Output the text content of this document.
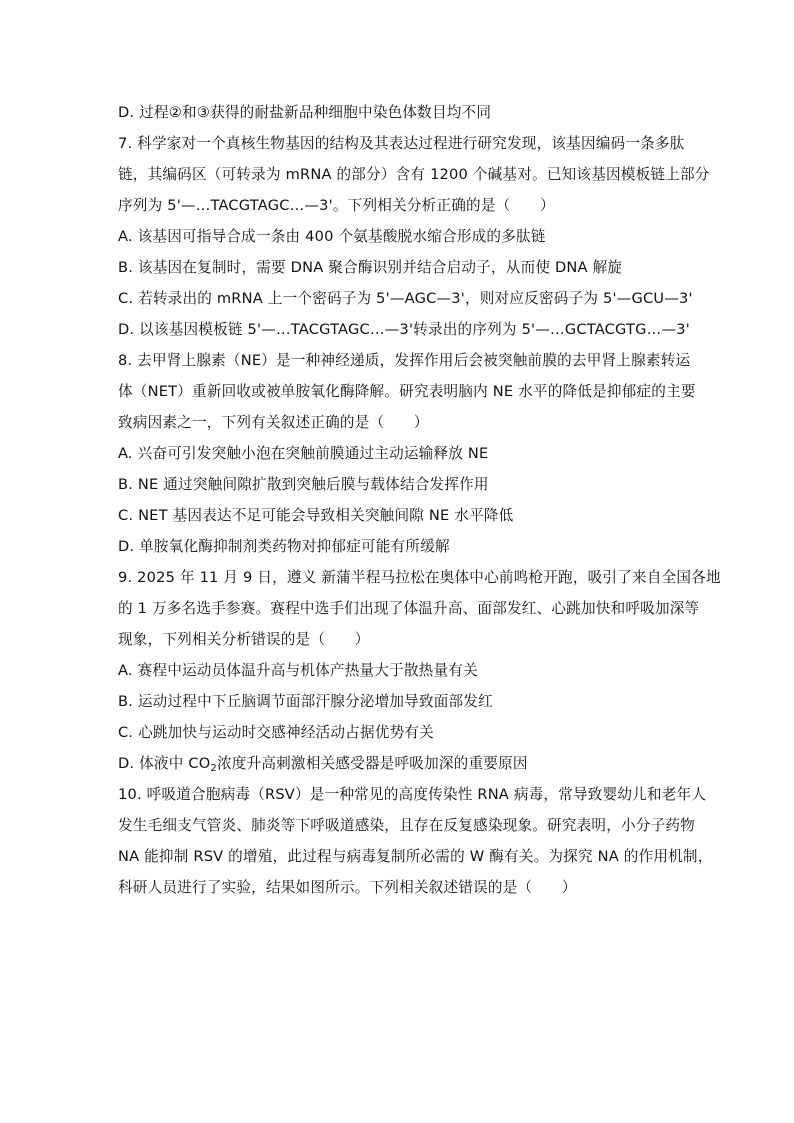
D. 过程②和③获得的耐盐新品种细胞中染色体数目均不同
7. 科学家对一个真核生物基因的结构及其表达过程进行研究发现，该基因编码一条多肽
链，其编码区（可转录为 mRNA 的部分）含有 1200 个碱基对。已知该基因模板链上部分
序列为 5'—…TACGTAGC…—3'。下列相关分析正确的是（　　）
A. 该基因可指导合成一条由 400 个氨基酸脱水缩合形成的多肽链
B. 该基因在复制时，需要 DNA 聚合酶识别并结合启动子，从而使 DNA 解旋
C. 若转录出的 mRNA 上一个密码子为 5'—AGC—3'，则对应反密码子为 5'—GCU—3'
D. 以该基因模板链 5'—…TACGTAGC…—3'转录出的序列为 5'—…GCTACGTG…—3'
8. 去甲肾上腺素（NE）是一种神经递质，发挥作用后会被突触前膜的去甲肾上腺素转运
体（NET）重新回收或被单胺氧化酶降解。研究表明脑内 NE 水平的降低是抑郁症的主要
致病因素之一，下列有关叙述正确的是（　　）
A. 兴奋可引发突触小泡在突触前膜通过主动运输释放 NE
B. NE 通过突触间隙扩散到突触后膜与载体结合发挥作用
C. NET 基因表达不足可能会导致相关突触间隙 NE 水平降低
D. 单胺氧化酶抑制剂类药物对抑郁症可能有所缓解
9. 2025 年 11 月 9 日，遵义 新蒲半程马拉松在奥体中心前鸣枪开跑，吸引了来自全国各地
的 1 万多名选手参赛。赛程中选手们出现了体温升高、面部发红、心跳加快和呼吸加深等
现象，下列相关分析错误的是（　　）
A. 赛程中运动员体温升高与机体产热量大于散热量有关
B. 运动过程中下丘脑调节面部汗腺分泌增加导致面部发红
C. 心跳加快与运动时交感神经活动占据优势有关
D. 体液中 $CO_2$浓度升高刺激相关感受器是呼吸加深的重要原因
10. 呼吸道合胞病毒（RSV）是一种常见的高度传染性 RNA 病毒，常导致婴幼儿和老年人
发生毛细支气管炎、肺炎等下呼吸道感染，且存在反复感染现象。研究表明，小分子药物
NA 能抑制 RSV 的增殖，此过程与病毒复制所必需的 W 酶有关。为探究 NA 的作用机制，
科研人员进行了实验，结果如图所示。下列相关叙述错误的是（　　）
